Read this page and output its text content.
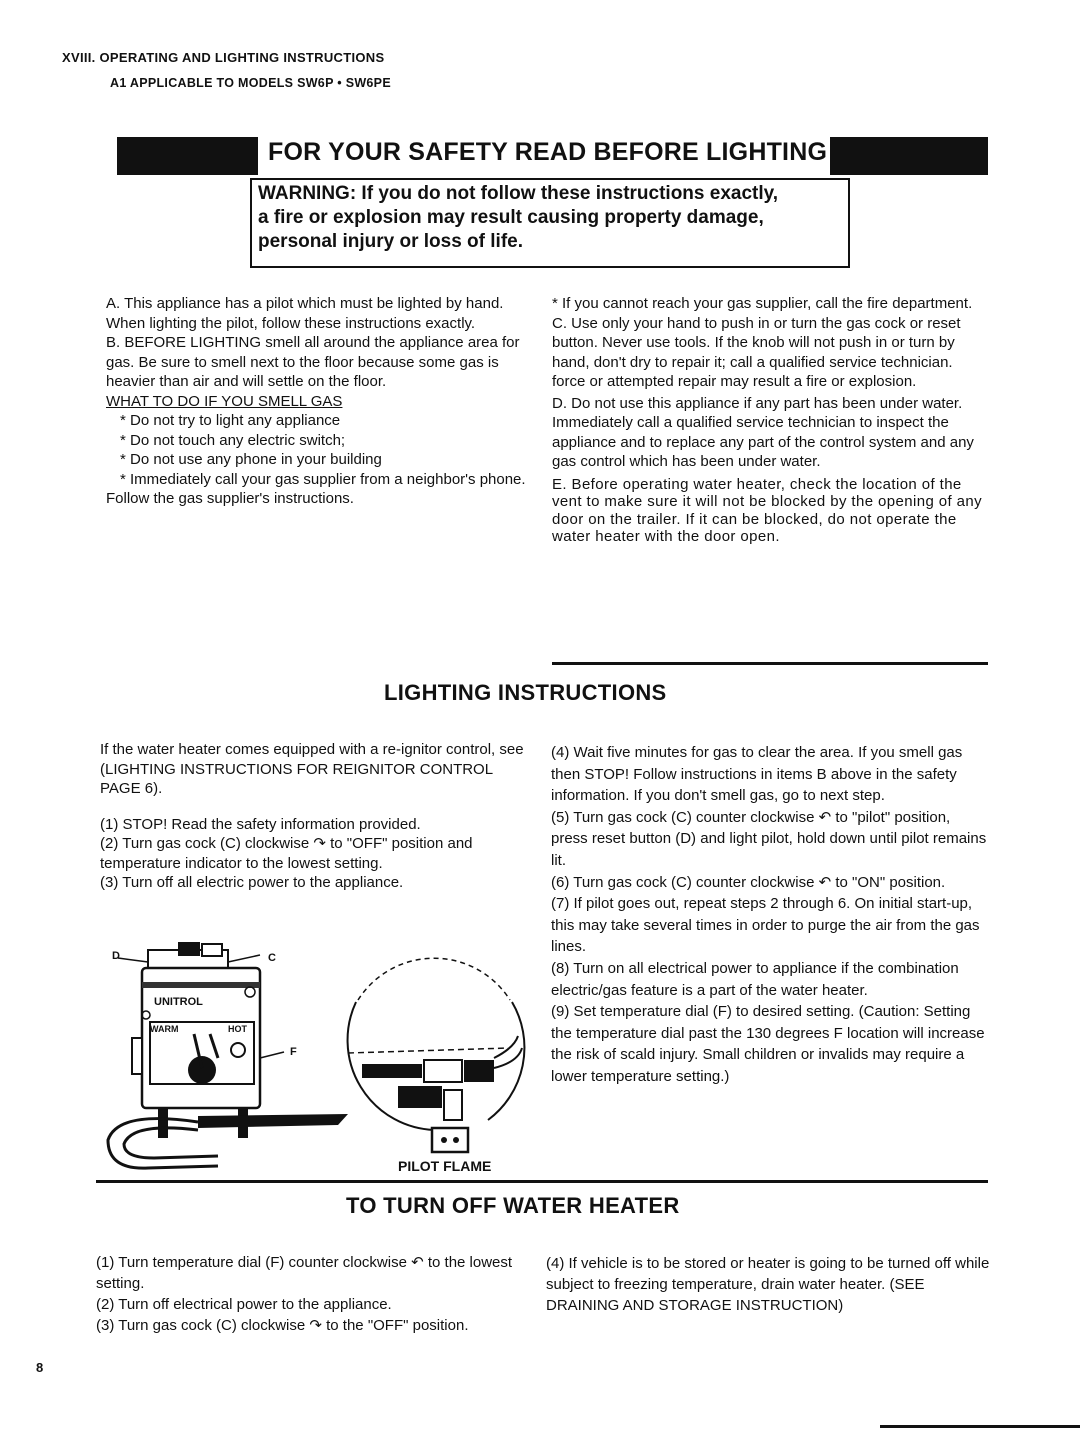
XVIII. OPERATING AND LIGHTING INSTRUCTIONS
A1 APPLICABLE TO MODELS SW6P • SW6PE
FOR YOUR SAFETY READ BEFORE LIGHTING

WARNING: If you do not follow these instructions exactly,

a fire or explosion may result causing property damage,

personal injury or loss of life.

A. This appliance has a pilot which must be lighted by hand. When lighting the pilot, follow these instructions exactly.

B. BEFORE LIGHTING smell all around the appliance area for gas. Be sure to smell next to the floor because some gas is heavier than air and will settle on the floor.

WHAT TO DO IF YOU SMELL GAS

* Do not try to light any appliance

* Do not touch any electric switch;

* Do not use any phone in your building

* Immediately call your gas supplier from a neighbor's phone. Follow the gas supplier's instructions.

* If you cannot reach your gas supplier, call the fire department.

C. Use only your hand to push in or turn the gas cock or reset button. Never use tools. If the knob will not push in or turn by hand, don't dry to repair it; call a qualified service technician. force or attempted repair may result a fire or explosion.

D. Do not use this appliance if any part has been under water. Immediately call a qualified service technician to inspect the appliance and to replace any part of the control system and any gas control which has been under water.

E. Before operating water heater, check the location of the vent to make sure it will not be blocked by the opening of any door on the trailer. If it can be blocked, do not operate the water heater with the door open.

LIGHTING INSTRUCTIONS

If the water heater comes equipped with a re-ignitor control, see (LIGHTING INSTRUCTIONS FOR REIGNITOR CONTROL PAGE 6).

(1) STOP! Read the safety information provided.

(2) Turn gas cock (C) clockwise ↷ to "OFF" position and temperature indicator to the lowest setting.

(3) Turn off all electric power to the appliance.

(4) Wait five minutes for gas to clear the area. If you smell gas then STOP! Follow instructions in items B above in the safety information. If you don't smell gas, go to next step.

(5) Turn gas cock (C) counter clockwise ↶ to "pilot" position, press reset button (D) and light pilot, hold down until pilot remains lit.

(6) Turn gas cock (C) counter clockwise ↶ to "ON" position.

(7) If pilot goes out, repeat steps 2 through 6. On initial start-up, this may take several times in order to purge the air from the gas lines.

(8) Turn on all electrical power to appliance if the combination electric/gas feature is a part of the water heater.

(9) Set temperature dial (F) to desired setting. (Caution: Setting the temperature dial past the 130 degrees F location will increase the risk of scald injury. Small children or invalids may require a lower temperature setting.)

D	C
F
UNITROL
WARM	HOT
PILOT FLAME
TO TURN OFF WATER HEATER

(1) Turn temperature dial (F) counter clockwise ↶ to the lowest setting.

(2) Turn off electrical power to the appliance.

(3) Turn gas cock (C) clockwise ↷ to the "OFF" position.

(4) If vehicle is to be stored or heater is going to be turned off while subject to freezing temperature, drain water heater. (SEE DRAINING AND STORAGE INSTRUCTION)

8
